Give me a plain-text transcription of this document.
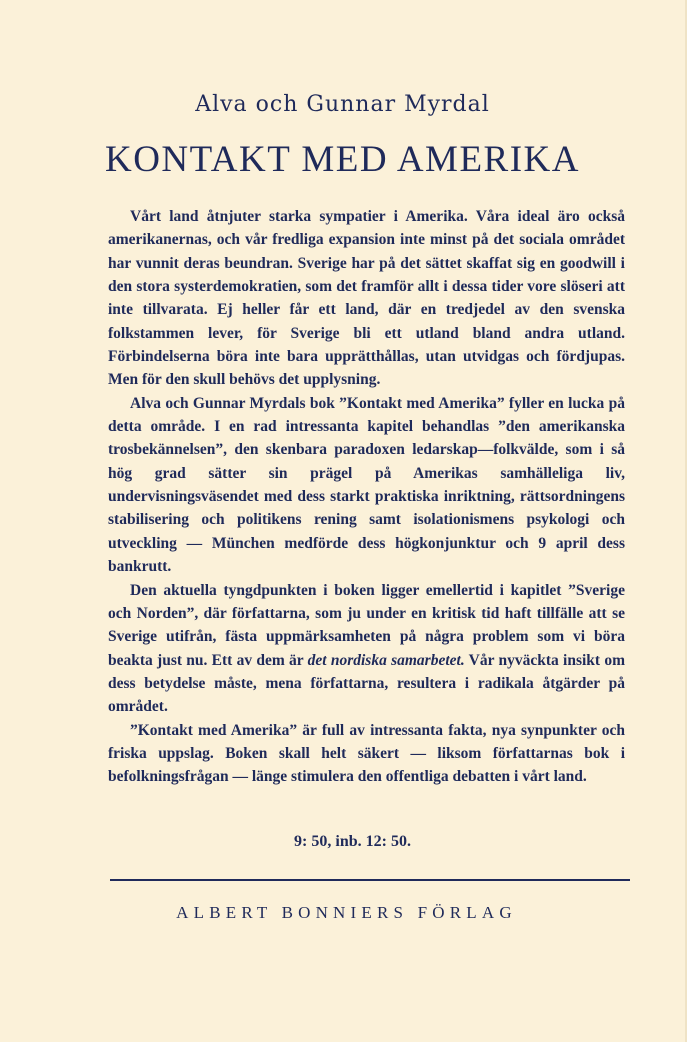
Alva och Gunnar Myrdal
KONTAKT MED AMERIKA

Vårt land åtnjuter starka sympatier i Amerika. Våra ideal äro också amerikanernas, och vår fredliga expansion inte minst på det sociala området har vunnit deras beundran. Sverige har på det sättet skaffat sig en goodwill i den stora systerdemokratien, som det framför allt i dessa tider vore slöseri att inte tillvarata. Ej heller får ett land, där en tredjedel av den svenska folkstammen lever, för Sverige bli ett utland bland andra utland. Förbindelserna böra inte bara upprätthållas, utan utvidgas och fördjupas. Men för den skull behövs det upplysning.

Alva och Gunnar Myrdals bok ”Kontakt med Amerika” fyller en lucka på detta område. I en rad intressanta kapitel behandlas ”den amerikanska trosbekännelsen”, den skenbara paradoxen ledarskap—folkvälde, som i så hög grad sätter sin prägel på Amerikas samhälleliga liv, undervisningsväsendet med dess starkt praktiska inriktning, rättsordningens stabilisering och politikens rening samt isolationismens psykologi och utveckling — München medförde dess högkonjunktur och 9 april dess bankrutt.

Den aktuella tyngdpunkten i boken ligger emellertid i kapitlet ”Sverige och Norden”, där författarna, som ju under en kritisk tid haft tillfälle att se Sverige utifrån, fästa uppmärksamheten på några problem som vi böra beakta just nu. Ett av dem är det nordiska samarbetet. Vår nyväckta insikt om dess betydelse måste, mena författarna, resultera i radikala åtgärder på området.

”Kontakt med Amerika” är full av intressanta fakta, nya synpunkter och friska uppslag. Boken skall helt säkert — liksom författarnas bok i befolkningsfrågan — länge stimulera den offentliga debatten i vårt land.

9: 50, inb. 12: 50.
ALBERT BONNIERS FÖRLAG
